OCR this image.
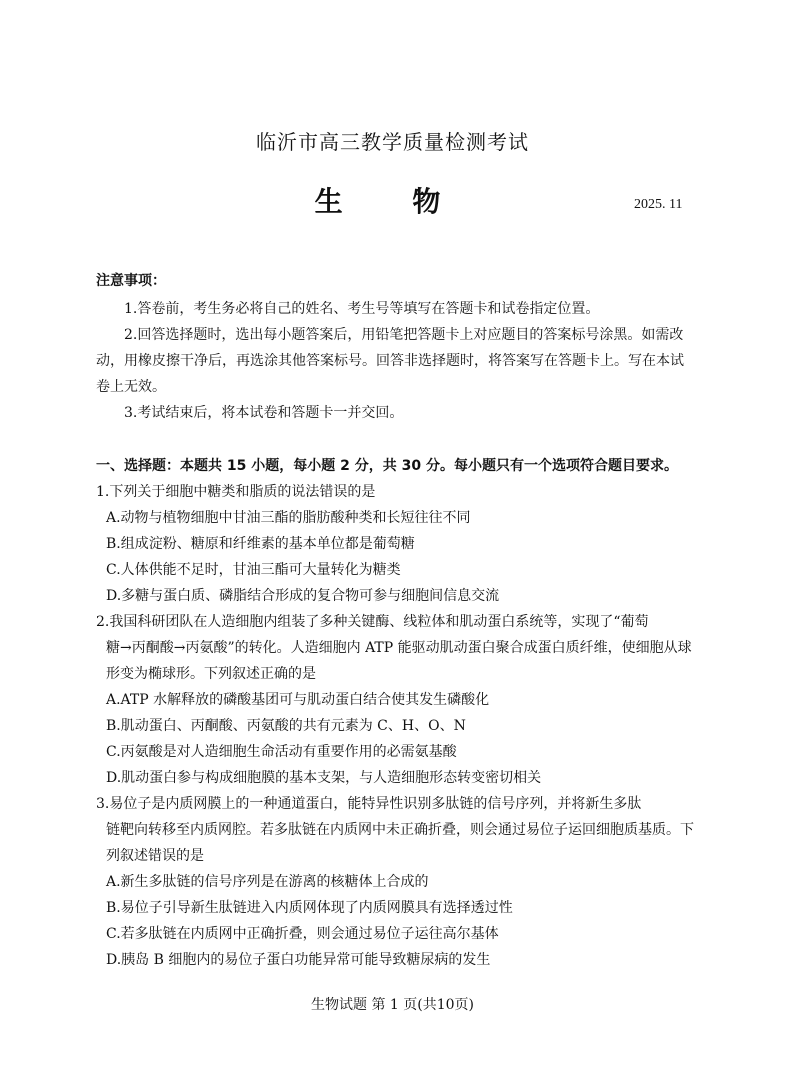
临沂市高三教学质量检测考试
生 物	2025. 11
注意事项：
1.答卷前，考生务必将自己的姓名、考生号等填写在答题卡和试卷指定位置。
2.回答选择题时，选出每小题答案后，用铅笔把答题卡上对应题目的答案标号涂黑。如需改动，用橡皮擦干净后，再选涂其他答案标号。回答非选择题时，将答案写在答题卡上。写在本试卷上无效。
3.考试结束后，将本试卷和答题卡一并交回。
一、选择题：本题共 15 小题，每小题 2 分，共 30 分。每小题只有一个选项符合题目要求。
1.下列关于细胞中糖类和脂质的说法错误的是
A.动物与植物细胞中甘油三酯的脂肪酸种类和长短往往不同
B.组成淀粉、糖原和纤维素的基本单位都是葡萄糖
C.人体供能不足时，甘油三酯可大量转化为糖类
D.多糖与蛋白质、磷脂结合形成的复合物可参与细胞间信息交流
2.我国科研团队在人造细胞内组装了多种关键酶、线粒体和肌动蛋白系统等，实现了“葡萄
糖→丙酮酸→丙氨酸”的转化。人造细胞内 ATP 能驱动肌动蛋白聚合成蛋白质纤维，使细胞从球形变为椭球形。下列叙述正确的是
A.ATP 水解释放的磷酸基团可与肌动蛋白结合使其发生磷酸化
B.肌动蛋白、丙酮酸、丙氨酸的共有元素为 C、H、O、N
C.丙氨酸是对人造细胞生命活动有重要作用的必需氨基酸
D.肌动蛋白参与构成细胞膜的基本支架，与人造细胞形态转变密切相关
3.易位子是内质网膜上的一种通道蛋白，能特异性识别多肽链的信号序列，并将新生多肽
链靶向转移至内质网腔。若多肽链在内质网中未正确折叠，则会通过易位子运回细胞质基质。下列叙述错误的是
A.新生多肽链的信号序列是在游离的核糖体上合成的
B.易位子引导新生肽链进入内质网体现了内质网膜具有选择透过性
C.若多肽链在内质网中正确折叠，则会通过易位子运往高尔基体
D.胰岛 B 细胞内的易位子蛋白功能异常可能导致糖尿病的发生
生物试题 第 1 页(共10页)
